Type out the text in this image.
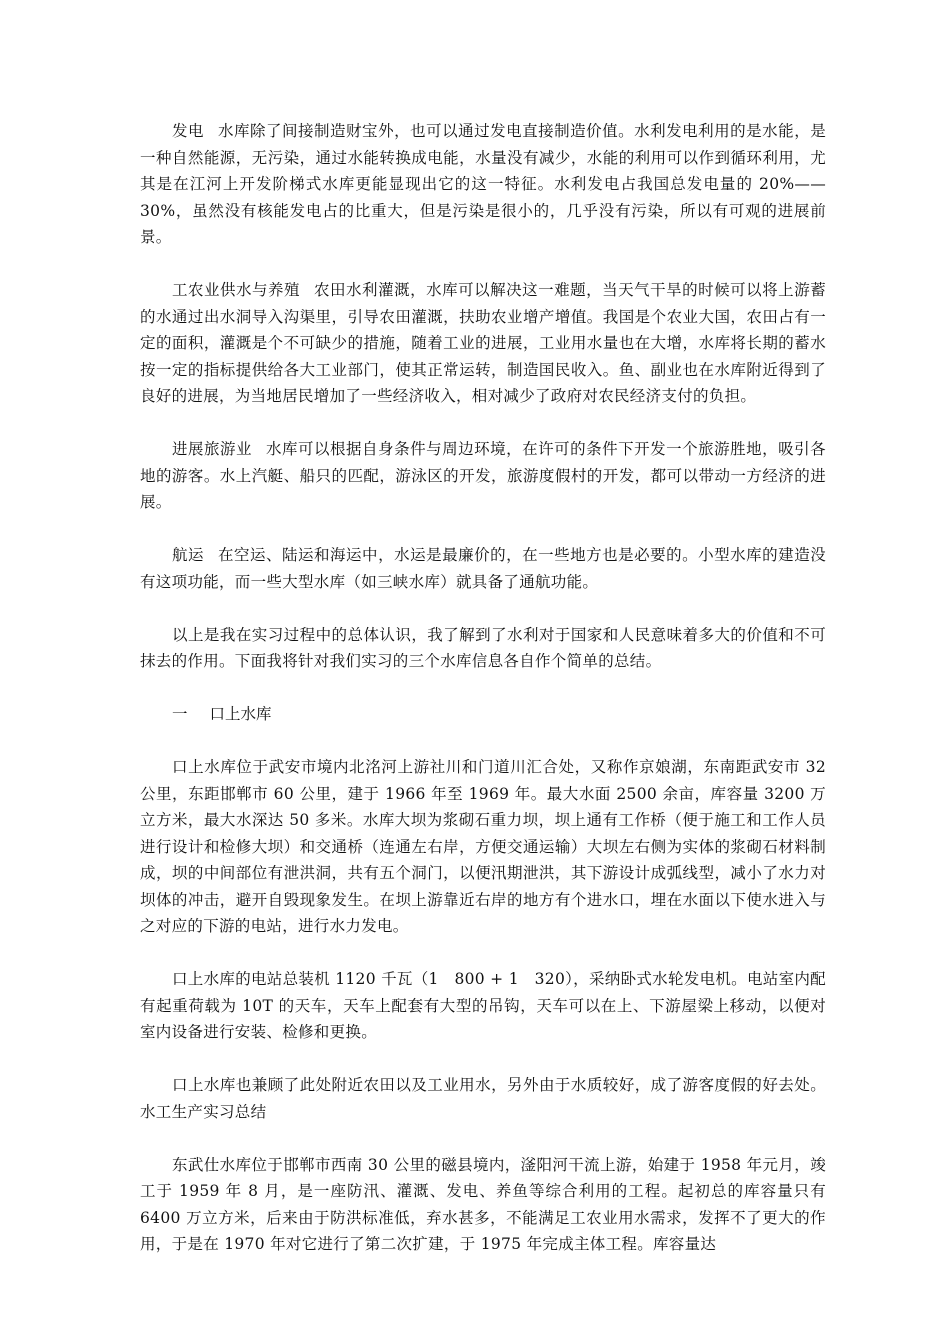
发电 水库除了间接制造财宝外，也可以通过发电直接制造价值。水利发电利用的是水能，是一种自然能源，无污染，通过水能转换成电能，水量没有减少，水能的利用可以作到循环利用，尤其是在江河上开发阶梯式水库更能显现出它的这一特征。水利发电占我国总发电量的 20%——30%，虽然没有核能发电占的比重大，但是污染是很小的，几乎没有污染，所以有可观的进展前景。

工农业供水与养殖 农田水利灌溉，水库可以解决这一难题，当天气干旱的时候可以将上游蓄的水通过出水洞导入沟渠里，引导农田灌溉，扶助农业增产增值。我国是个农业大国，农田占有一定的面积，灌溉是个不可缺少的措施，随着工业的进展，工业用水量也在大增，水库将长期的蓄水按一定的指标提供给各大工业部门，使其正常运转，制造国民收入。鱼、副业也在水库附近得到了良好的进展，为当地居民增加了一些经济收入，相对减少了政府对农民经济支付的负担。

进展旅游业 水库可以根据自身条件与周边环境，在许可的条件下开发一个旅游胜地，吸引各地的游客。水上汽艇、船只的匹配，游泳区的开发，旅游度假村的开发，都可以带动一方经济的进展。

航运 在空运、陆运和海运中，水运是最廉价的，在一些地方也是必要的。小型水库的建造没有这项功能，而一些大型水库（如三峡水库）就具备了通航功能。

以上是我在实习过程中的总体认识，我了解到了水利对于国家和人民意味着多大的价值和不可抹去的作用。下面我将针对我们实习的三个水库信息各自作个简单的总结。

一 口上水库

口上水库位于武安市境内北洺河上游社川和门道川汇合处，又称作京娘湖，东南距武安市 32 公里，东距邯郸市 60 公里，建于 1966 年至 1969 年。最大水面 2500 余亩，库容量 3200 万立方米，最大水深达 50 多米。水库大坝为浆砌石重力坝，坝上通有工作桥（便于施工和工作人员进行设计和检修大坝）和交通桥（连通左右岸，方便交通运输）大坝左右侧为实体的浆砌石材料制成，坝的中间部位有泄洪洞，共有五个洞门，以便汛期泄洪，其下游设计成弧线型，减小了水力对坝体的冲击，避开自毁现象发生。在坝上游靠近右岸的地方有个进水口，埋在水面以下使水进入与之对应的下游的电站，进行水力发电。

口上水库的电站总装机 1120 千瓦（1　800 + 1　320），采纳卧式水轮发电机。电站室内配有起重荷载为 10T 的天车，天车上配套有大型的吊钩，天车可以在上、下游屋梁上移动，以便对室内设备进行安装、检修和更换。

口上水库也兼顾了此处附近农田以及工业用水，另外由于水质较好，成了游客度假的好去处。水工生产实习总结

东武仕水库位于邯郸市西南 30 公里的磁县境内，滏阳河干流上游，始建于 1958 年元月，竣工于 1959 年 8 月，是一座防汛、灌溉、发电、养鱼等综合利用的工程。起初总的库容量只有 6400 万立方米，后来由于防洪标准低，弃水甚多，不能满足工农业用水需求，发挥不了更大的作用，于是在 1970 年对它进行了第二次扩建，于 1975 年完成主体工程。库容量达
